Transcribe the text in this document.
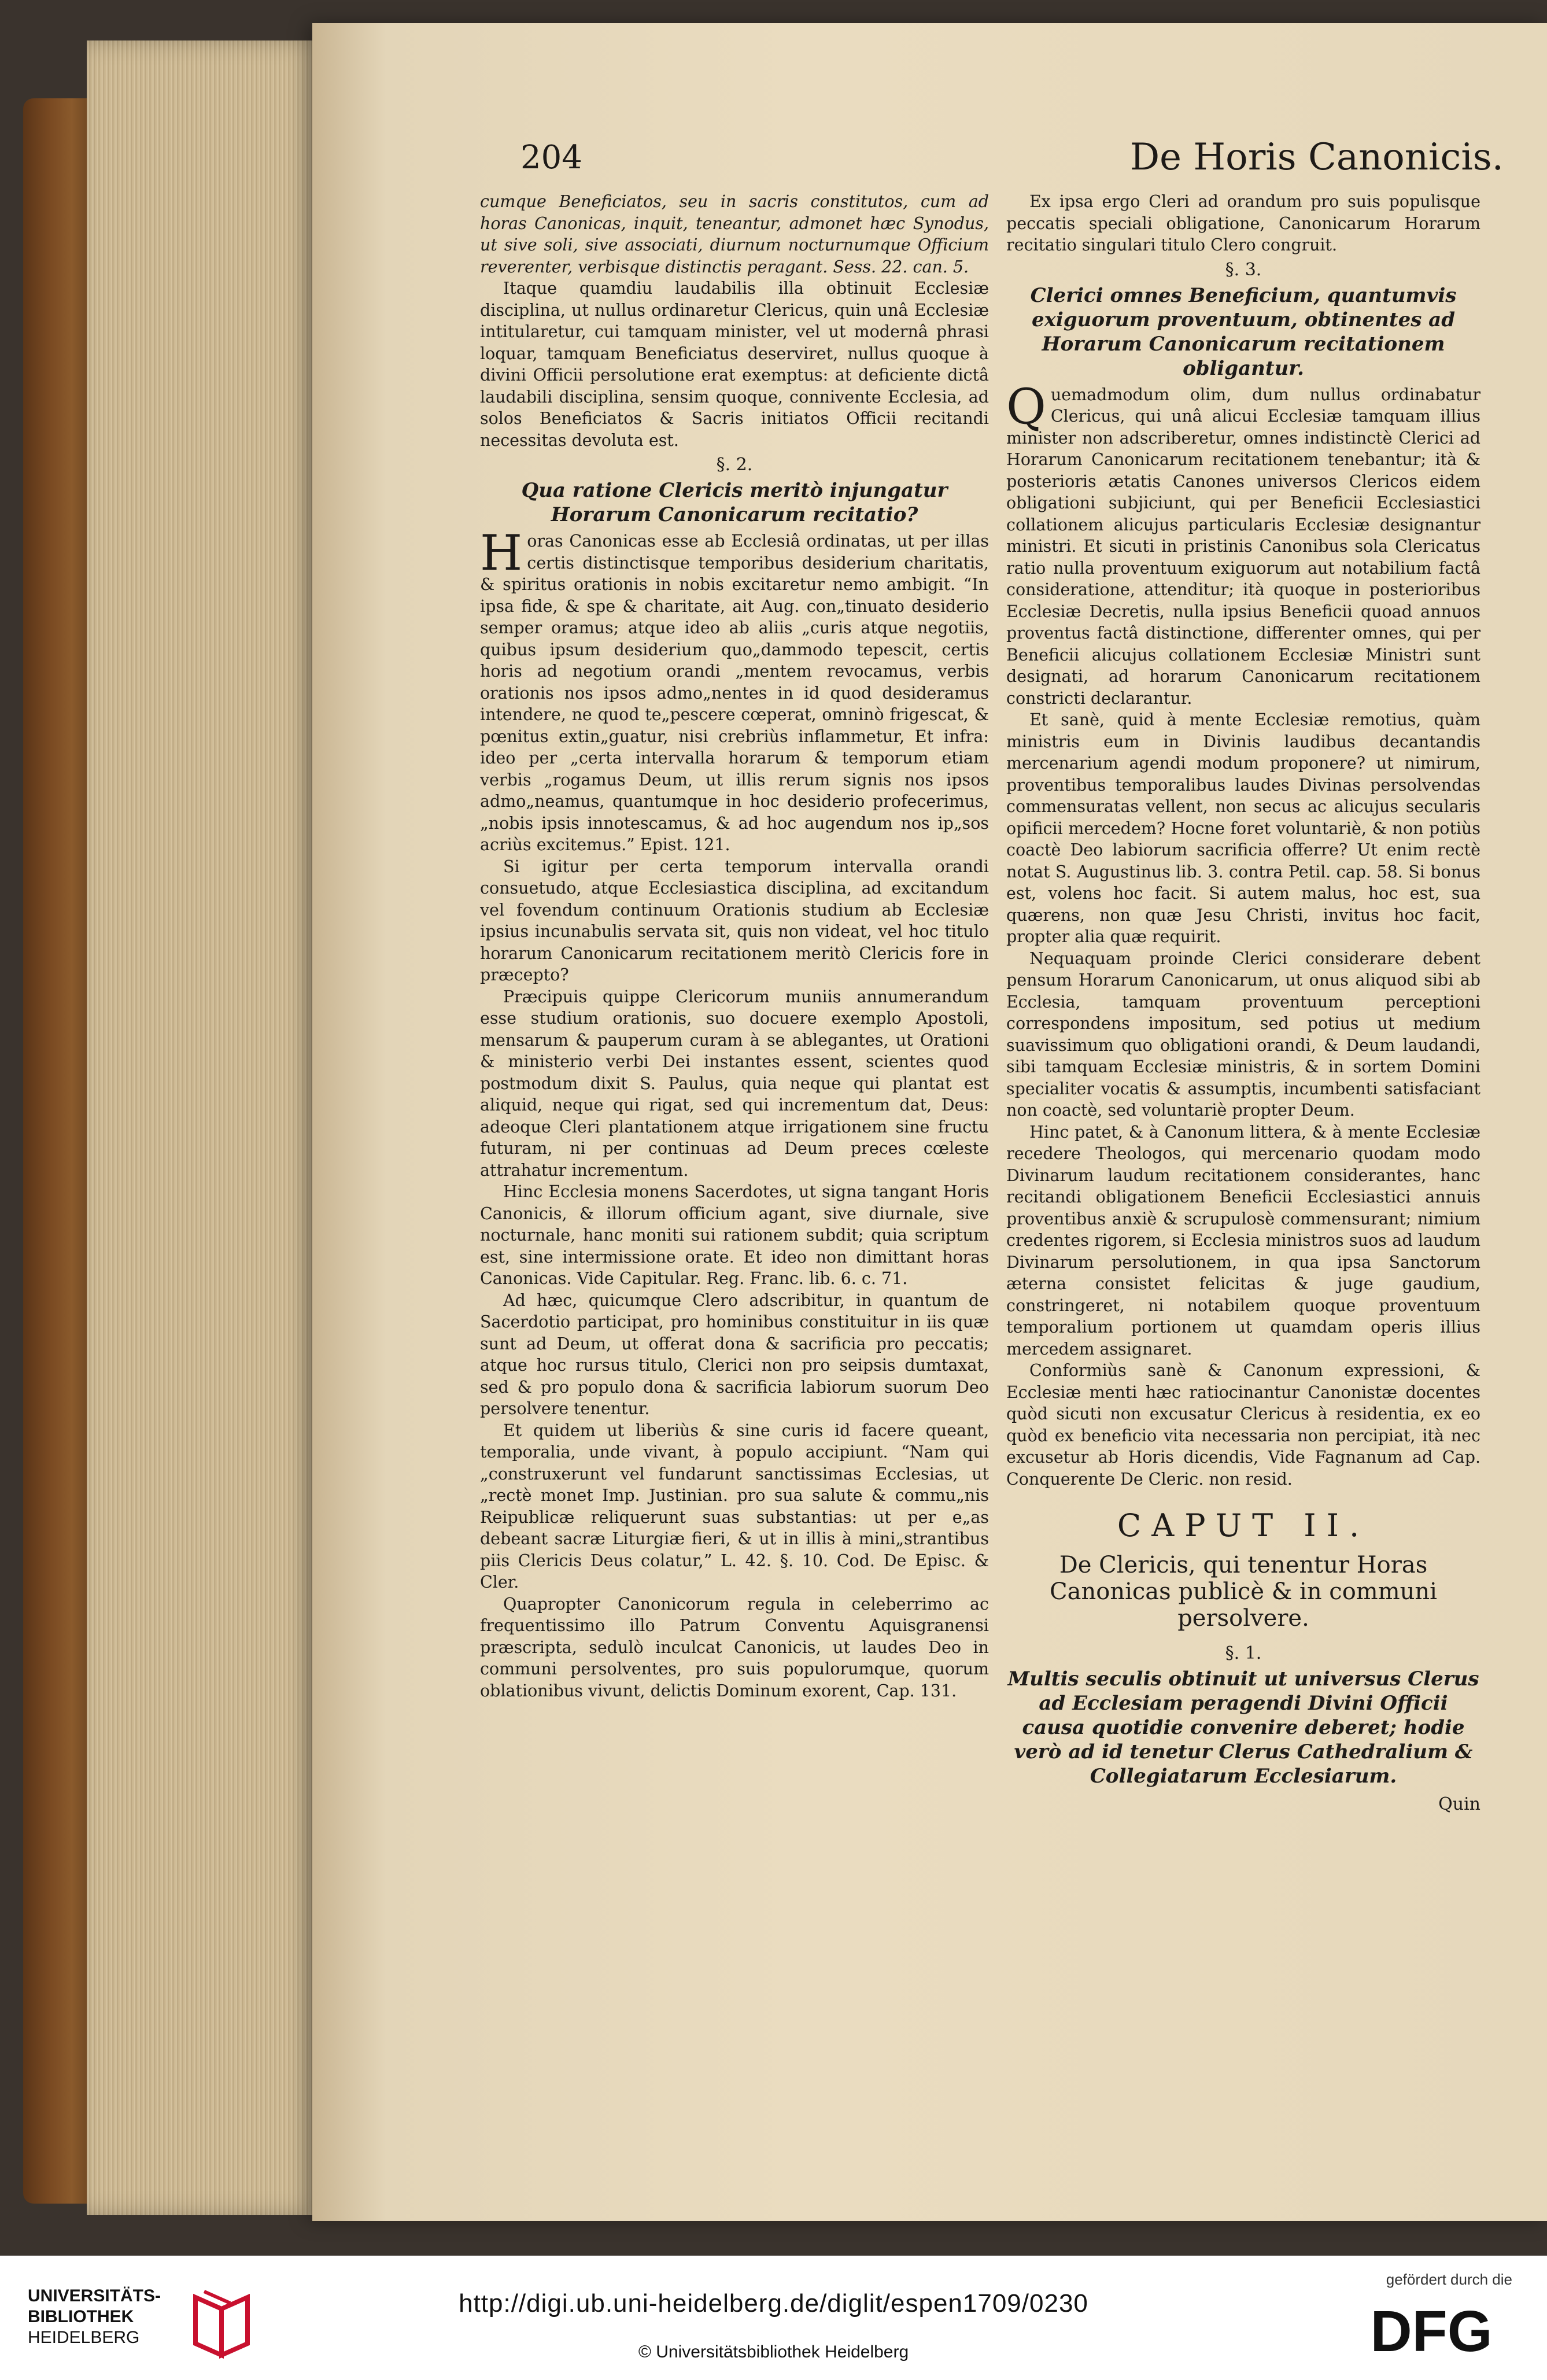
204	De Horis Canonicis.

cumque Beneficiatos, seu in sacris constitutos, cum ad horas Canonicas, inquit, teneantur, admonet hæc Synodus, ut sive soli, sive associati, diurnum nocturnumque Officium reverenter, verbisque distinctis peragant. Sess. 22. can. 5.

Itaque quamdiu laudabilis illa obtinuit Ecclesiæ disciplina, ut nullus ordinaretur Clericus, quin unâ Ecclesiæ intitularetur, cui tamquam minister, vel ut modernâ phrasi loquar, tamquam Beneficiatus deserviret, nullus quoque à divini Officii persolutione erat exemptus: at deficiente dictâ laudabili disciplina, sensim quoque, connivente Ecclesia, ad solos Beneficiatos & Sacris initiatos Officii recitandi necessitas devoluta est.

§. 2.

Qua ratione Clericis meritò injungatur Horarum Canonicarum recitatio?

Horas Canonicas esse ab Ecclesiâ ordinatas, ut per illas certis distinctisque temporibus desiderium charitatis, & spiritus orationis in nobis excitaretur nemo ambigit. “In ipsa fide, & spe & charitate, ait Aug. con„tinuato desiderio semper oramus; atque ideo ab aliis „curis atque negotiis, quibus ipsum desiderium quo„dammodo tepescit, certis horis ad negotium orandi „mentem revocamus, verbis orationis nos ipsos admo„nentes in id quod desideramus intendere, ne quod te„pescere cœperat, omninò frigescat, & pœnitus extin„guatur, nisi crebriùs inflammetur, Et infra: ideo per „certa intervalla horarum & temporum etiam verbis „rogamus Deum, ut illis rerum signis nos ipsos admo„neamus, quantumque in hoc desiderio profecerimus, „nobis ipsis innotescamus, & ad hoc augendum nos ip„sos acriùs excitemus.” Epist. 121.

Si igitur per certa temporum intervalla orandi consuetudo, atque Ecclesiastica disciplina, ad excitandum vel fovendum continuum Orationis studium ab Ecclesiæ ipsius incunabulis servata sit, quis non videat, vel hoc titulo horarum Canonicarum recitationem meritò Clericis fore in præcepto?

Præcipuis quippe Clericorum muniis annumerandum esse studium orationis, suo docuere exemplo Apostoli, mensarum & pauperum curam à se ablegantes, ut Orationi & ministerio verbi Dei instantes essent, scientes quod postmodum dixit S. Paulus, quia neque qui plantat est aliquid, neque qui rigat, sed qui incrementum dat, Deus: adeoque Cleri plantationem atque irrigationem sine fructu futuram, ni per continuas ad Deum preces cœleste attrahatur incrementum.

Hinc Ecclesia monens Sacerdotes, ut signa tangant Horis Canonicis, & illorum officium agant, sive diurnale, sive nocturnale, hanc moniti sui rationem subdit; quia scriptum est, sine intermissione orate. Et ideo non dimittant horas Canonicas. Vide Capitular. Reg. Franc. lib. 6. c. 71.

Ad hæc, quicumque Clero adscribitur, in quantum de Sacerdotio participat, pro hominibus constituitur in iis quæ sunt ad Deum, ut offerat dona & sacrificia pro peccatis; atque hoc rursus titulo, Clerici non pro seipsis dumtaxat, sed & pro populo dona & sacrificia labiorum suorum Deo persolvere tenentur.

Et quidem ut liberiùs & sine curis id facere queant, temporalia, unde vivant, à populo accipiunt. “Nam qui „construxerunt vel fundarunt sanctissimas Ecclesias, ut „rectè monet Imp. Justinian. pro sua salute & commu„nis Reipublicæ reliquerunt suas substantias: ut per e„as debeant sacræ Liturgiæ fieri, & ut in illis à mini„strantibus piis Clericis Deus colatur,” L. 42. §. 10. Cod. De Episc. & Cler.

Quapropter Canonicorum regula in celeberrimo ac frequentissimo illo Patrum Conventu Aquisgranensi præscripta, sedulò inculcat Canonicis, ut laudes Deo in communi persolventes, pro suis populorumque, quorum oblationibus vivunt, delictis Dominum exorent, Cap. 131.

Ex ipsa ergo Cleri ad orandum pro suis populisque peccatis speciali obligatione, Canonicarum Horarum recitatio singulari titulo Clero congruit.

§. 3.

Clerici omnes Beneficium, quantumvis exiguorum proventuum, obtinentes ad Horarum Canonicarum recitationem obligantur.

Quemadmodum olim, dum nullus ordinabatur Clericus, qui unâ alicui Ecclesiæ tamquam illius minister non adscriberetur, omnes indistinctè Clerici ad Horarum Canonicarum recitationem tenebantur; ità & posterioris ætatis Canones universos Clericos eidem obligationi subjiciunt, qui per Beneficii Ecclesiastici collationem alicujus particularis Ecclesiæ designantur ministri. Et sicuti in pristinis Canonibus sola Clericatus ratio nulla proventuum exiguorum aut notabilium factâ consideratione, attenditur; ità quoque in posterioribus Ecclesiæ Decretis, nulla ipsius Beneficii quoad annuos proventus factâ distinctione, differenter omnes, qui per Beneficii alicujus collationem Ecclesiæ Ministri sunt designati, ad horarum Canonicarum recitationem constricti declarantur.

Et sanè, quid à mente Ecclesiæ remotius, quàm ministris eum in Divinis laudibus decantandis mercenarium agendi modum proponere? ut nimirum, proventibus temporalibus laudes Divinas persolvendas commensuratas vellent, non secus ac alicujus secularis opificii mercedem? Hocne foret voluntariè, & non potiùs coactè Deo labiorum sacrificia offerre? Ut enim rectè notat S. Augustinus lib. 3. contra Petil. cap. 58. Si bonus est, volens hoc facit. Si autem malus, hoc est, sua quærens, non quæ Jesu Christi, invitus hoc facit, propter alia quæ requirit.

Nequaquam proinde Clerici considerare debent pensum Horarum Canonicarum, ut onus aliquod sibi ab Ecclesia, tamquam proventuum perceptioni correspondens impositum, sed potius ut medium suavissimum quo obligationi orandi, & Deum laudandi, sibi tamquam Ecclesiæ ministris, & in sortem Domini specialiter vocatis & assumptis, incumbenti satisfaciant non coactè, sed voluntariè propter Deum.

Hinc patet, & à Canonum littera, & à mente Ecclesiæ recedere Theologos, qui mercenario quodam modo Divinarum laudum recitationem considerantes, hanc recitandi obligationem Beneficii Ecclesiastici annuis proventibus anxiè & scrupulosè commensurant; nimium credentes rigorem, si Ecclesia ministros suos ad laudum Divinarum persolutionem, in qua ipsa Sanctorum æterna consistet felicitas & juge gaudium, constringeret, ni notabilem quoque proventuum temporalium portionem ut quamdam operis illius mercedem assignaret.

Conformiùs sanè & Canonum expressioni, & Ecclesiæ menti hæc ratiocinantur Canonistæ docentes quòd sicuti non excusatur Clericus à residentia, ex eo quòd ex beneficio vita necessaria non percipiat, ità nec excusetur ab Horis dicendis, Vide Fagnanum ad Cap. Conquerente De Cleric. non resid.

CAPUT II.

De Clericis, qui tenentur Horas Canonicas publicè & in communi persolvere.

§. 1.

Multis seculis obtinuit ut universus Clerus ad Ecclesiam peragendi Divini Officii causa quotidie convenire deberet; hodie verò ad id tenetur Clerus Cathedralium & Collegiatarum Ecclesiarum.

Quin

UNIVERSITÄTS-
BIBLIOTHEK
HEIDELBERG
http://digi.ub.uni-heidelberg.de/diglit/espen1709/0230
© Universitätsbibliothek Heidelberg
gefördert durch die
DFG
